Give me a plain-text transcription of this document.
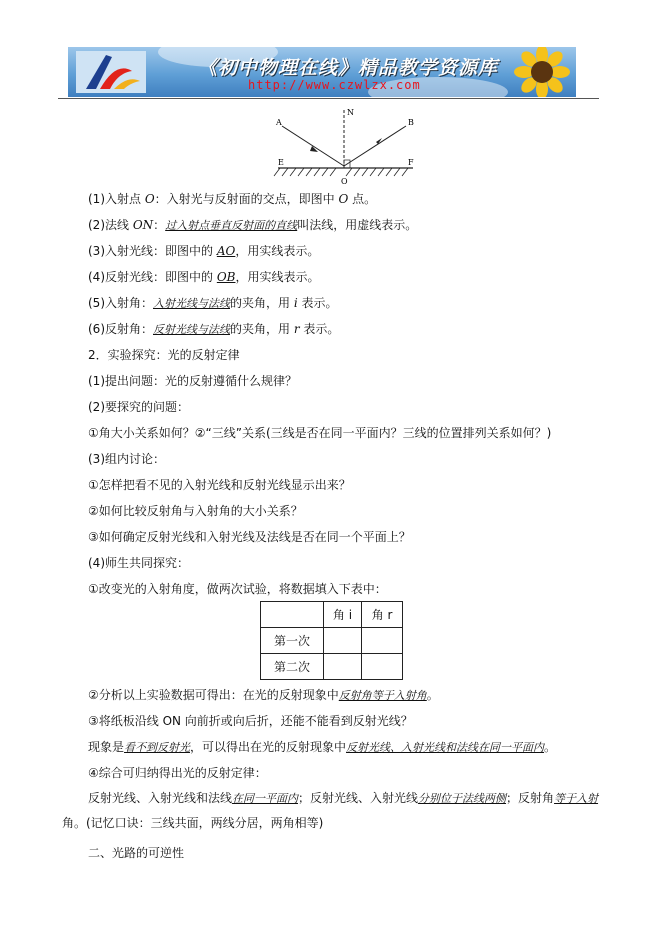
《初中物理在线》精品教学资源库
http://www.czwlzx.com
A	B
N
E	F
O
(1)入射点 O：入射光与反射面的交点，即图中 O 点。
(2)法线 ON：过入射点垂直反射面的直线叫法线，用虚线表示。
(3)入射光线：即图中的 AO，用实线表示。
(4)反射光线：即图中的 OB，用实线表示。
(5)入射角：入射光线与法线的夹角，用 i 表示。
(6)反射角：反射光线与法线的夹角，用 r 表示。
2．实验探究：光的反射定律
(1)提出问题：光的反射遵循什么规律？
(2)要探究的问题：
①角大小关系如何？②“三线”关系(三线是否在同一平面内？三线的位置排列关系如何？)
(3)组内讨论：
①怎样把看不见的入射光线和反射光线显示出来？
②如何比较反射角与入射角的大小关系？
③如何确定反射光线和入射光线及法线是否在同一个平面上？
(4)师生共同探究：
①改变光的入射角度，做两次试验，将数据填入下表中：
	角 i	角 r
第一次		
第二次		
②分析以上实验数据可得出：在光的反射现象中反射角等于入射角。
③将纸板沿线 ON 向前折或向后折，还能不能看到反射光线？
现象是看不到反射光，可以得出在光的反射现象中反射光线、入射光线和法线在同一平面内。
④综合可归纳得出光的反射定律：
反射光线、入射光线和法线在同一平面内；反射光线、入射光线分别位于法线两侧；反射角等于入射角。(记忆口诀：三线共面，两线分居，两角相等)
二、光路的可逆性
